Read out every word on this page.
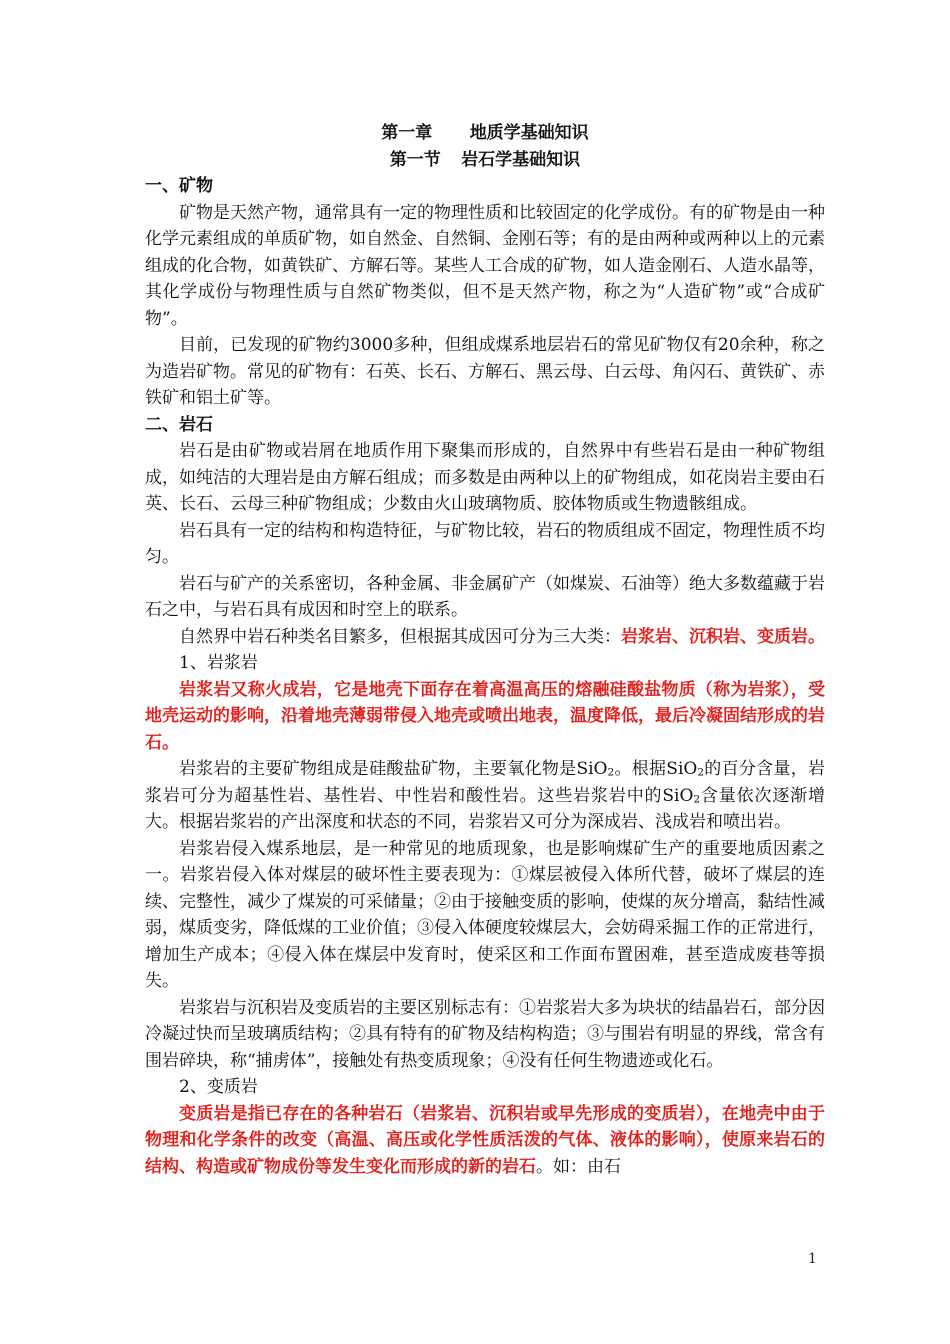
第一章 地质学基础知识
第一节 岩石学基础知识
一、矿物

矿物是天然产物，通常具有一定的物理性质和比较固定的化学成份。有的矿物是由一种化学元素组成的单质矿物，如自然金、自然铜、金刚石等；有的是由两种或两种以上的元素组成的化合物，如黄铁矿、方解石等。某些人工合成的矿物，如人造金刚石、人造水晶等，其化学成份与物理性质与自然矿物类似，但不是天然产物，称之为“人造矿物”或“合成矿物”。

目前，已发现的矿物约3000多种，但组成煤系地层岩石的常见矿物仅有20余种，称之为造岩矿物。常见的矿物有：石英、长石、方解石、黑云母、白云母、角闪石、黄铁矿、赤铁矿和铝土矿等。

二、岩石

岩石是由矿物或岩屑在地质作用下聚集而形成的，自然界中有些岩石是由一种矿物组成，如纯洁的大理岩是由方解石组成；而多数是由两种以上的矿物组成，如花岗岩主要由石英、长石、云母三种矿物组成；少数由火山玻璃物质、胶体物质或生物遗骸组成。

岩石具有一定的结构和构造特征，与矿物比较，岩石的物质组成不固定，物理性质不均匀。

岩石与矿产的关系密切，各种金属、非金属矿产（如煤炭、石油等）绝大多数蕴藏于岩石之中，与岩石具有成因和时空上的联系。

自然界中岩石种类名目繁多，但根据其成因可分为三大类：岩浆岩、沉积岩、变质岩。

1、岩浆岩

岩浆岩又称火成岩，它是地壳下面存在着高温高压的熔融硅酸盐物质（称为岩浆），受地壳运动的影响，沿着地壳薄弱带侵入地壳或喷出地表，温度降低，最后冷凝固结形成的岩石。

岩浆岩的主要矿物组成是硅酸盐矿物，主要氧化物是SiO$_2$。根据SiO$_2$的百分含量，岩浆岩可分为超基性岩、基性岩、中性岩和酸性岩。这些岩浆岩中的SiO$_2$含量依次逐渐增大。根据岩浆岩的产出深度和状态的不同，岩浆岩又可分为深成岩、浅成岩和喷出岩。

岩浆岩侵入煤系地层，是一种常见的地质现象，也是影响煤矿生产的重要地质因素之一。岩浆岩侵入体对煤层的破坏性主要表现为：①煤层被侵入体所代替，破坏了煤层的连续、完整性，减少了煤炭的可采储量；②由于接触变质的影响，使煤的灰分增高，黏结性减弱，煤质变劣，降低煤的工业价值；③侵入体硬度较煤层大，会妨碍采掘工作的正常进行，增加生产成本；④侵入体在煤层中发育时，使采区和工作面布置困难，甚至造成废巷等损失。

岩浆岩与沉积岩及变质岩的主要区别标志有：①岩浆岩大多为块状的结晶岩石，部分因冷凝过快而呈玻璃质结构；②具有特有的矿物及结构构造；③与围岩有明显的界线，常含有围岩碎块，称“捕虏体”，接触处有热变质现象；④没有任何生物遗迹或化石。

2、变质岩

变质岩是指已存在的各种岩石（岩浆岩、沉积岩或早先形成的变质岩），在地壳中由于物理和化学条件的改变（高温、高压或化学性质活泼的气体、液体的影响），使原来岩石的结构、构造或矿物成份等发生变化而形成的新的岩石。如：由石

1
